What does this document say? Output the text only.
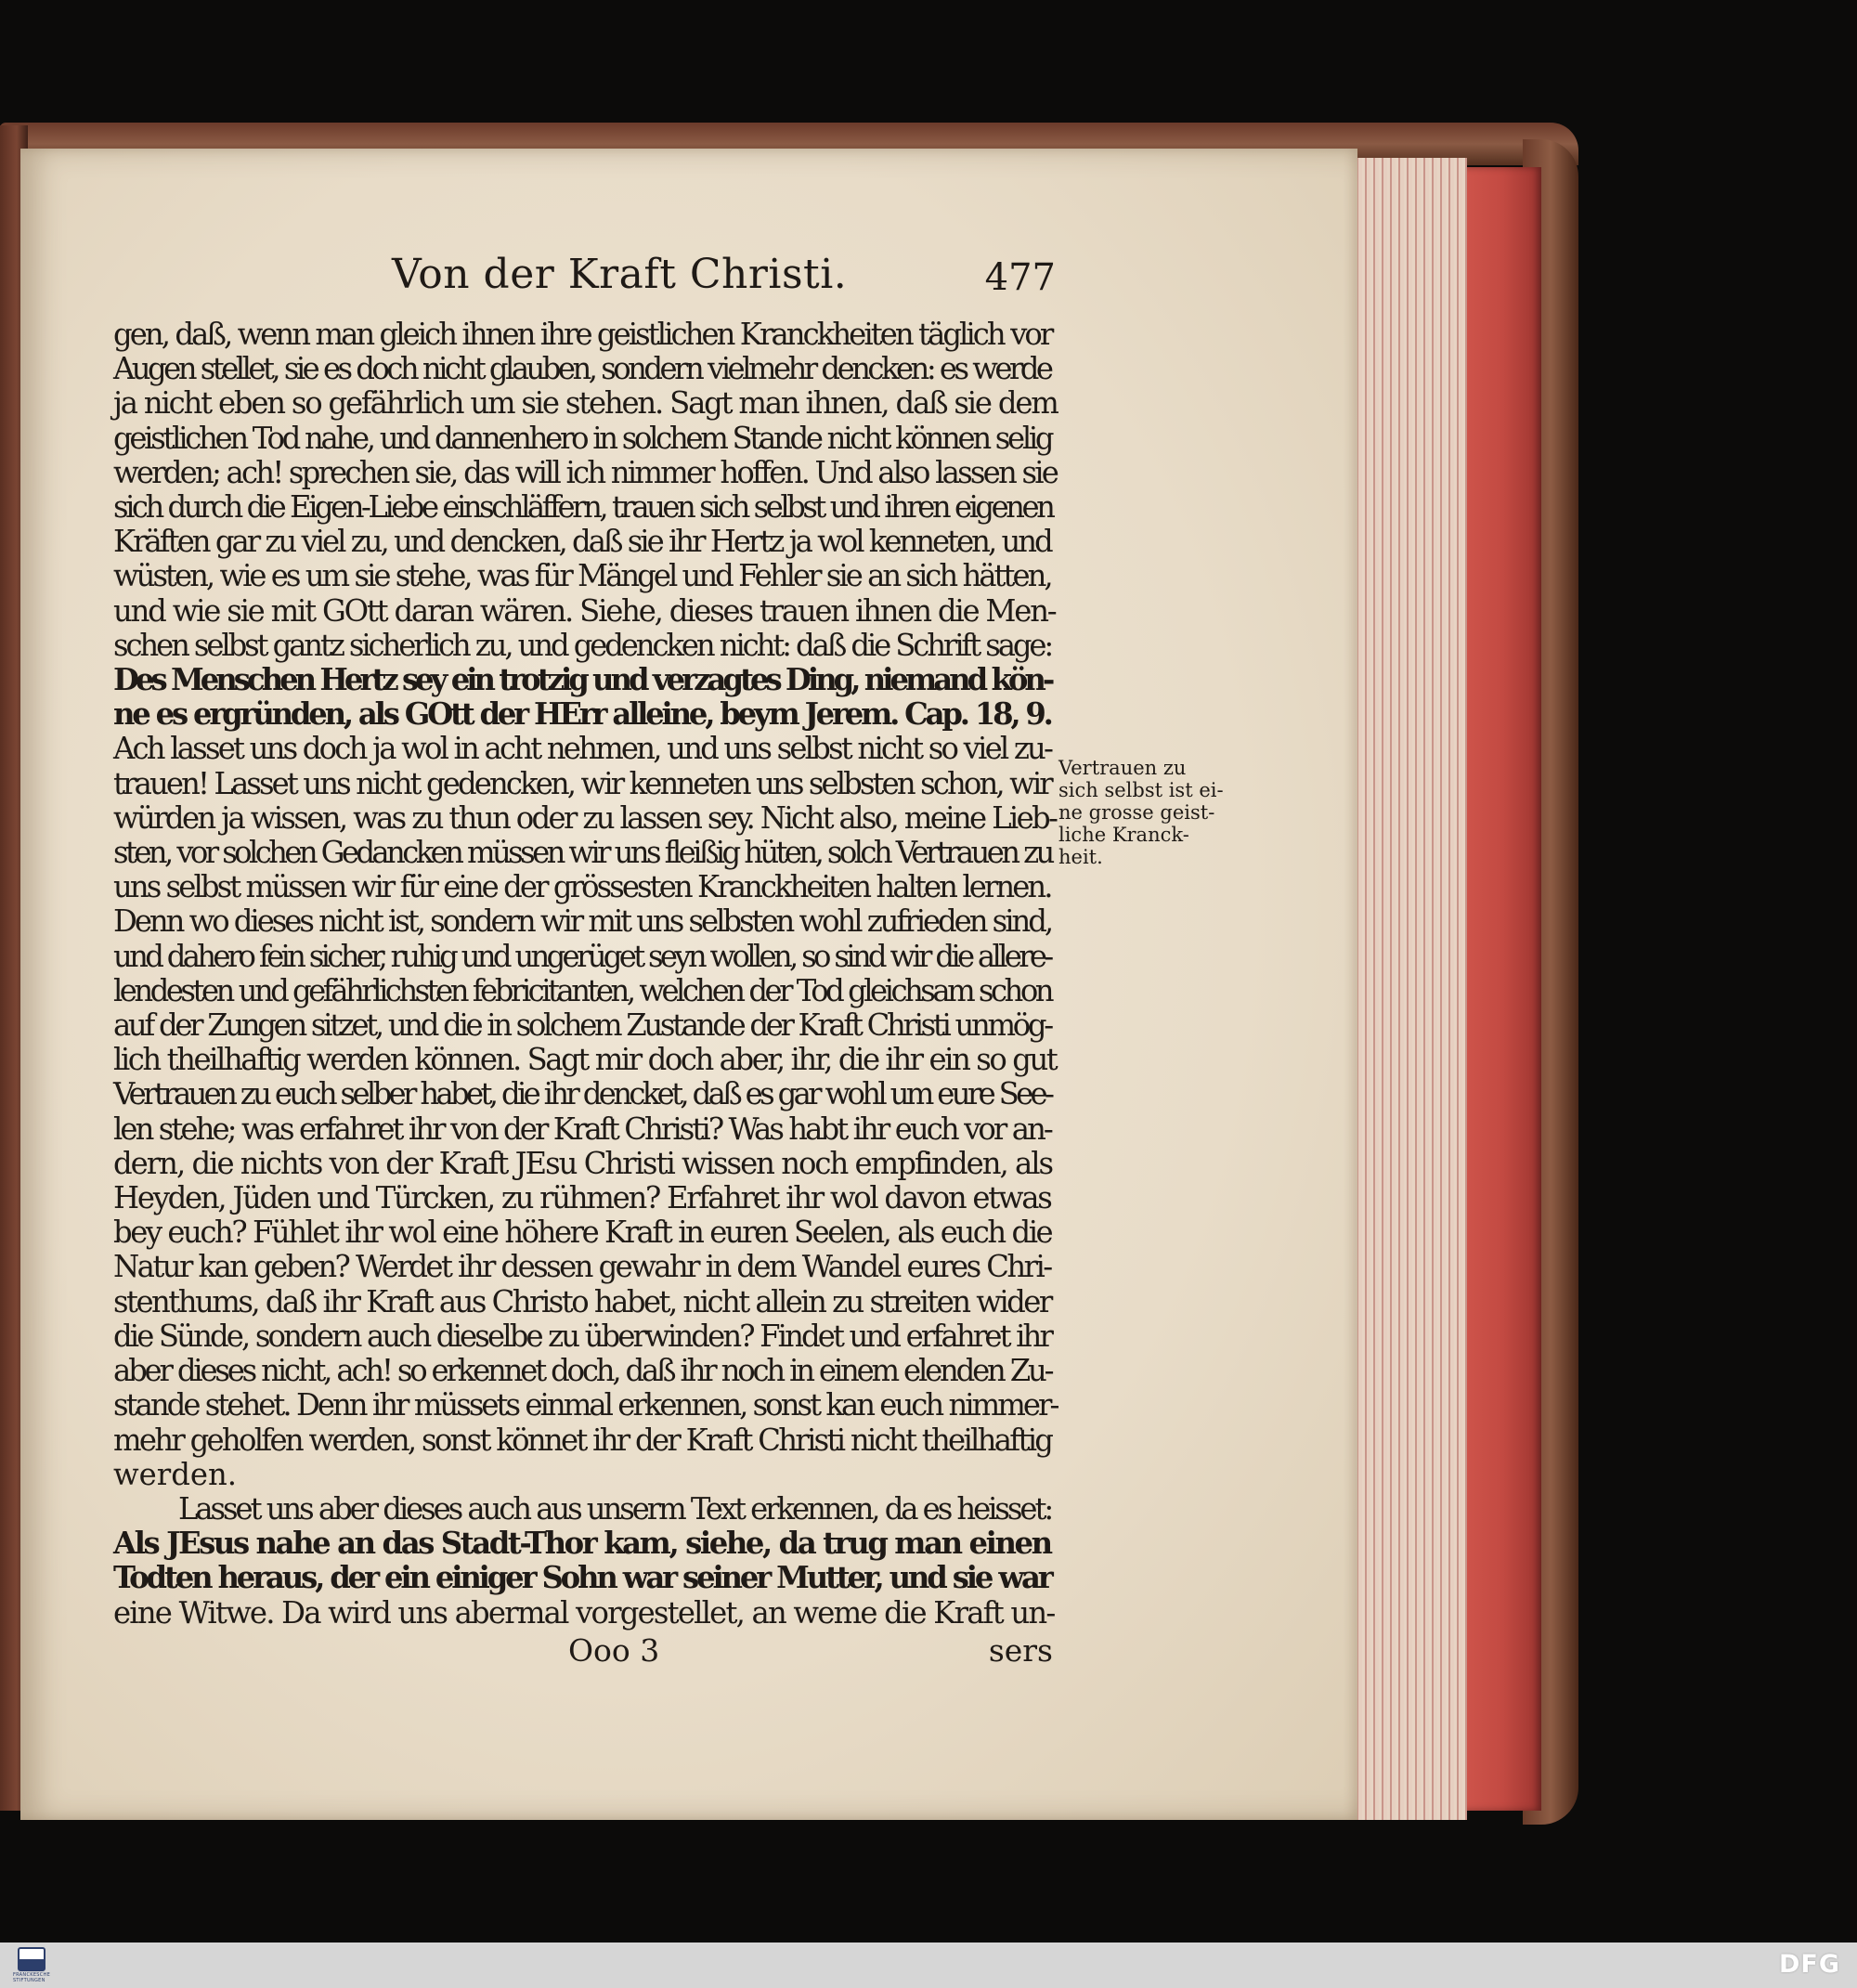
Von der Kraft Christi.	477
gen, daß, wenn man gleich ihnen ihre geistlichen Kranckheiten täglich vor
Augen stellet, sie es doch nicht glauben, sondern vielmehr dencken: es werde
ja nicht eben so gefährlich um sie stehen. Sagt man ihnen, daß sie dem
geistlichen Tod nahe, und dannenhero in solchem Stande nicht können selig
werden; ach! sprechen sie, das will ich nimmer hoffen. Und also lassen sie
sich durch die Eigen-Liebe einschläffern, trauen sich selbst und ihren eigenen
Kräften gar zu viel zu, und dencken, daß sie ihr Hertz ja wol kenneten, und
wüsten, wie es um sie stehe, was für Mängel und Fehler sie an sich hätten,
und wie sie mit GOtt daran wären. Siehe, dieses trauen ihnen die Men-
schen selbst gantz sicherlich zu, und gedencken nicht: daß die Schrift sage:
Des Menschen Hertz sey ein trotzig und verzagtes Ding, niemand kön-
ne es ergründen, als GOtt der HErr alleine, beym Jerem. Cap. 18, 9.
Ach lasset uns doch ja wol in acht nehmen, und uns selbst nicht so viel zu-
trauen! Lasset uns nicht gedencken, wir kenneten uns selbsten schon, wir
würden ja wissen, was zu thun oder zu lassen sey. Nicht also, meine Lieb-
sten, vor solchen Gedancken müssen wir uns fleißig hüten, solch Vertrauen zu
uns selbst müssen wir für eine der grössesten Kranckheiten halten lernen.
Denn wo dieses nicht ist, sondern wir mit uns selbsten wohl zufrieden sind,
und dahero fein sicher, ruhig und ungerüget seyn wollen, so sind wir die allere-
lendesten und gefährlichsten febricitanten, welchen der Tod gleichsam schon
auf der Zungen sitzet, und die in solchem Zustande der Kraft Christi unmög-
lich theilhaftig werden können. Sagt mir doch aber, ihr, die ihr ein so gut
Vertrauen zu euch selber habet, die ihr dencket, daß es gar wohl um eure See-
len stehe; was erfahret ihr von der Kraft Christi? Was habt ihr euch vor an-
dern, die nichts von der Kraft JEsu Christi wissen noch empfinden, als
Heyden, Jüden und Türcken, zu rühmen? Erfahret ihr wol davon etwas
bey euch? Fühlet ihr wol eine höhere Kraft in euren Seelen, als euch die
Natur kan geben? Werdet ihr dessen gewahr in dem Wandel eures Chri-
stenthums, daß ihr Kraft aus Christo habet, nicht allein zu streiten wider
die Sünde, sondern auch dieselbe zu überwinden? Findet und erfahret ihr
aber dieses nicht, ach! so erkennet doch, daß ihr noch in einem elenden Zu-
stande stehet. Denn ihr müssets einmal erkennen, sonst kan euch nimmer-
mehr geholfen werden, sonst könnet ihr der Kraft Christi nicht theilhaftig
werden.
Lasset uns aber dieses auch aus unserm Text erkennen, da es heisset:
Als JEsus nahe an das Stadt-Thor kam, siehe, da trug man einen
Todten heraus, der ein einiger Sohn war seiner Mutter, und sie war
eine Witwe. Da wird uns abermal vorgestellet, an weme die Kraft un-
Ooo 3	sers
Vertrauen zu
sich selbst ist ei-
ne grosse geist-
liche Kranck-
heit.
FRANCKESCHE STIFTUNGEN
DFG
